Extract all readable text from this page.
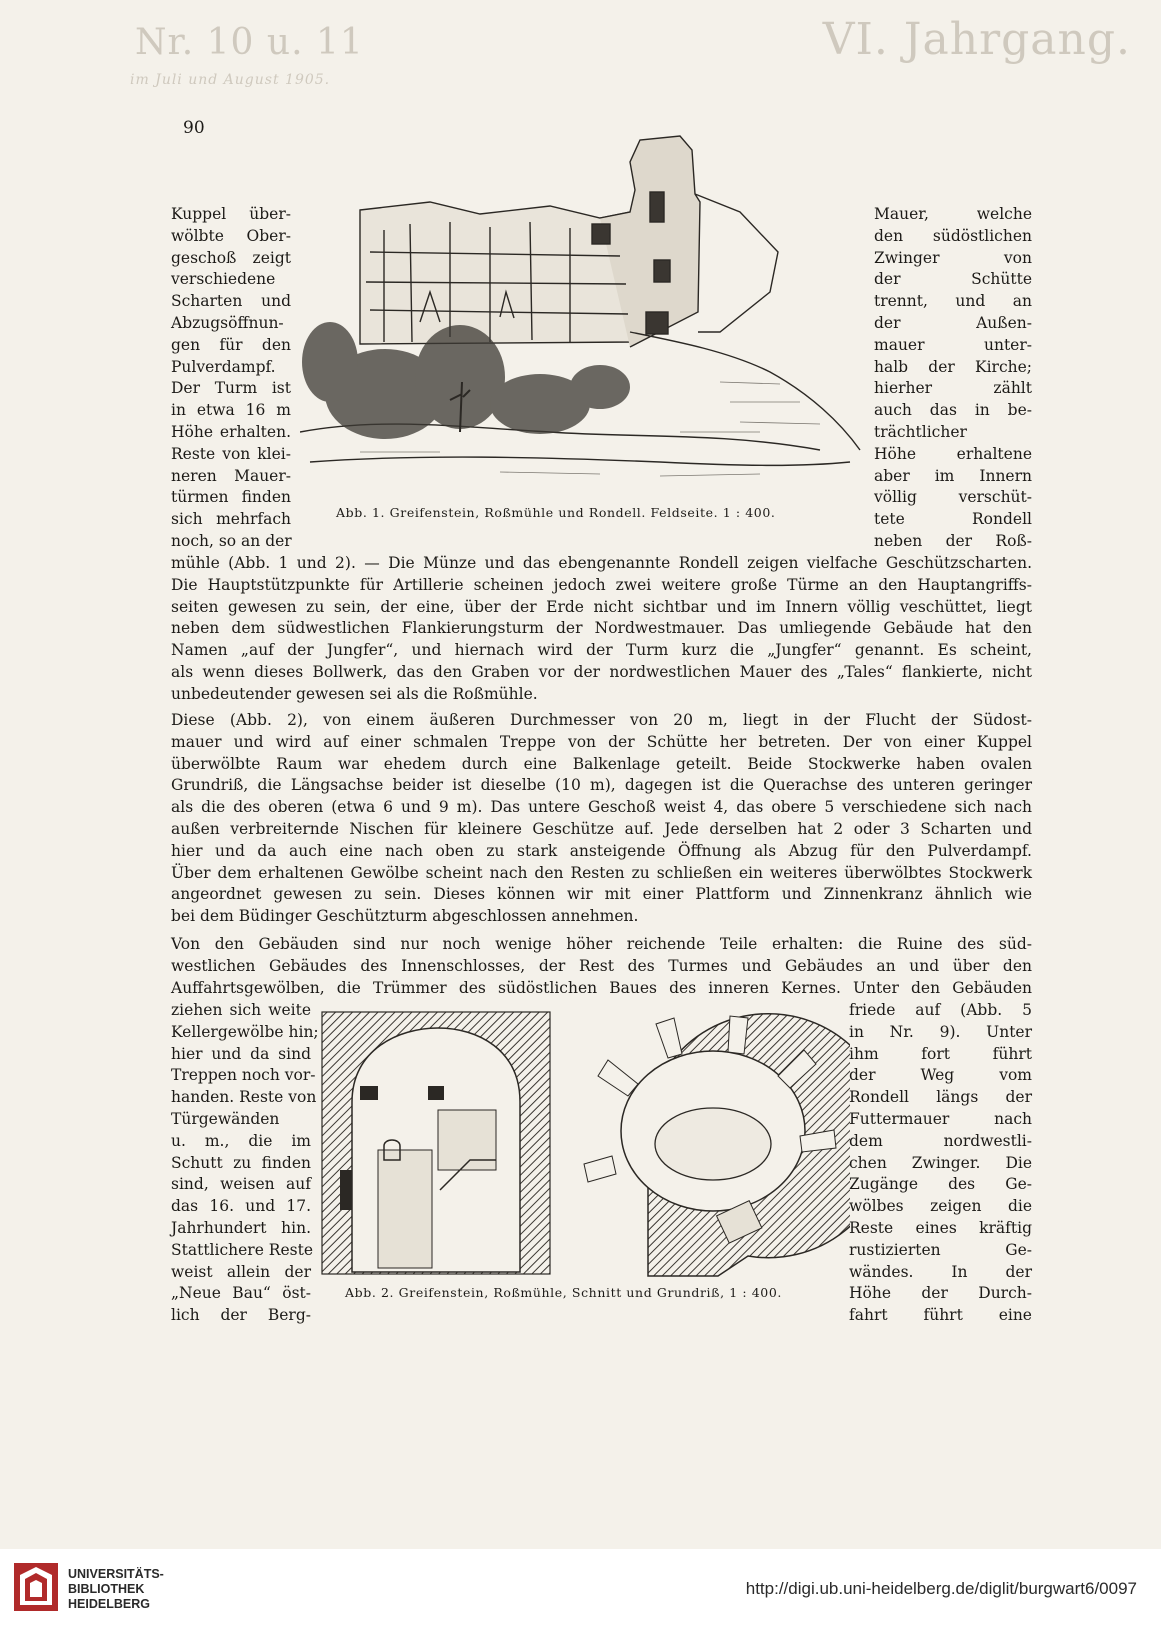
VI. Jahrgang.
Nr. 10 u. 11
im Juli und August 1905.
90
Kuppel über-
wölbte Ober-
geschoß zeigt
verschiedene
Scharten und
Abzugsöffnun-
gen für den
Pulverdampf.
Der Turm ist
in etwa 16 m
Höhe erhalten.
Reste von klei-
neren Mauer-
türmen finden
sich mehrfach
noch, so an der
Mauer, welche
den südöstlichen
Zwinger von
der Schütte
trennt, und an
der Außen-
mauer unter-
halb der Kirche;
hierher zählt
auch das in be-
trächtlicher
Höhe erhaltene
aber im Innern
völlig verschüt-
tete Rondell
neben der Roß-
Abb. 1. Greifenstein, Roßmühle und Rondell. Feldseite. 1 : 400.
mühle (Abb. 1 und 2). — Die Münze und das ebengenannte Rondell zeigen vielfache Geschützscharten.
Die Hauptstützpunkte für Artillerie scheinen jedoch zwei weitere große Türme an den Hauptangriffs-
seiten gewesen zu sein, der eine, über der Erde nicht sichtbar und im Innern völlig veschüttet, liegt
neben dem südwestlichen Flankierungsturm der Nordwestmauer. Das umliegende Gebäude hat den
Namen „auf der Jungfer“, und hiernach wird der Turm kurz die „Jungfer“ genannt. Es scheint,
als wenn dieses Bollwerk, das den Graben vor der nordwestlichen Mauer des „Tales“ flankierte, nicht
unbedeutender gewesen sei als die Roßmühle.
Diese (Abb. 2), von einem äußeren Durchmesser von 20 m, liegt in der Flucht der Südost-
mauer und wird auf einer schmalen Treppe von der Schütte her betreten. Der von einer Kuppel
überwölbte Raum war ehedem durch eine Balkenlage geteilt. Beide Stockwerke haben ovalen
Grundriß, die Längsachse beider ist dieselbe (10 m), dagegen ist die Querachse des unteren geringer
als die des oberen (etwa 6 und 9 m). Das untere Geschoß weist 4, das obere 5 verschiedene sich nach
außen verbreiternde Nischen für kleinere Geschütze auf. Jede derselben hat 2 oder 3 Scharten und
hier und da auch eine nach oben zu stark ansteigende Öffnung als Abzug für den Pulverdampf.
Über dem erhaltenen Gewölbe scheint nach den Resten zu schließen ein weiteres überwölbtes Stockwerk
angeordnet gewesen zu sein. Dieses können wir mit einer Plattform und Zinnenkranz ähnlich wie
bei dem Büdinger Geschützturm abgeschlossen annehmen.
Von den Gebäuden sind nur noch wenige höher reichende Teile erhalten: die Ruine des süd-
westlichen Gebäudes des Innenschlosses, der Rest des Turmes und Gebäudes an und über den
Auffahrtsgewölben, die Trümmer des südöstlichen Baues des inneren Kernes. Unter den Gebäuden
ziehen sich weite
Kellergewölbe hin;
hier und da sind
Treppen noch vor-
handen. Reste von
Türgewänden
u. m., die im
Schutt zu finden
sind, weisen auf
das 16. und 17.
Jahrhundert hin.
Stattlichere Reste
weist allein der
„Neue Bau“ öst-
lich der Berg-
friede auf (Abb. 5
in Nr. 9). Unter
ihm fort führt
der Weg vom
Rondell längs der
Futtermauer nach
dem nordwestli-
chen Zwinger. Die
Zugänge des Ge-
wölbes zeigen die
Reste eines kräftig
rustizierten Ge-
wändes. In der
Höhe der Durch-
fahrt führt eine
Abb. 2. Greifenstein, Roßmühle, Schnitt und Grundriß, 1 : 400.
UNIVERSITÄTS-
BIBLIOTHEK
HEIDELBERG
http://digi.ub.uni-heidelberg.de/diglit/burgwart6/0097
